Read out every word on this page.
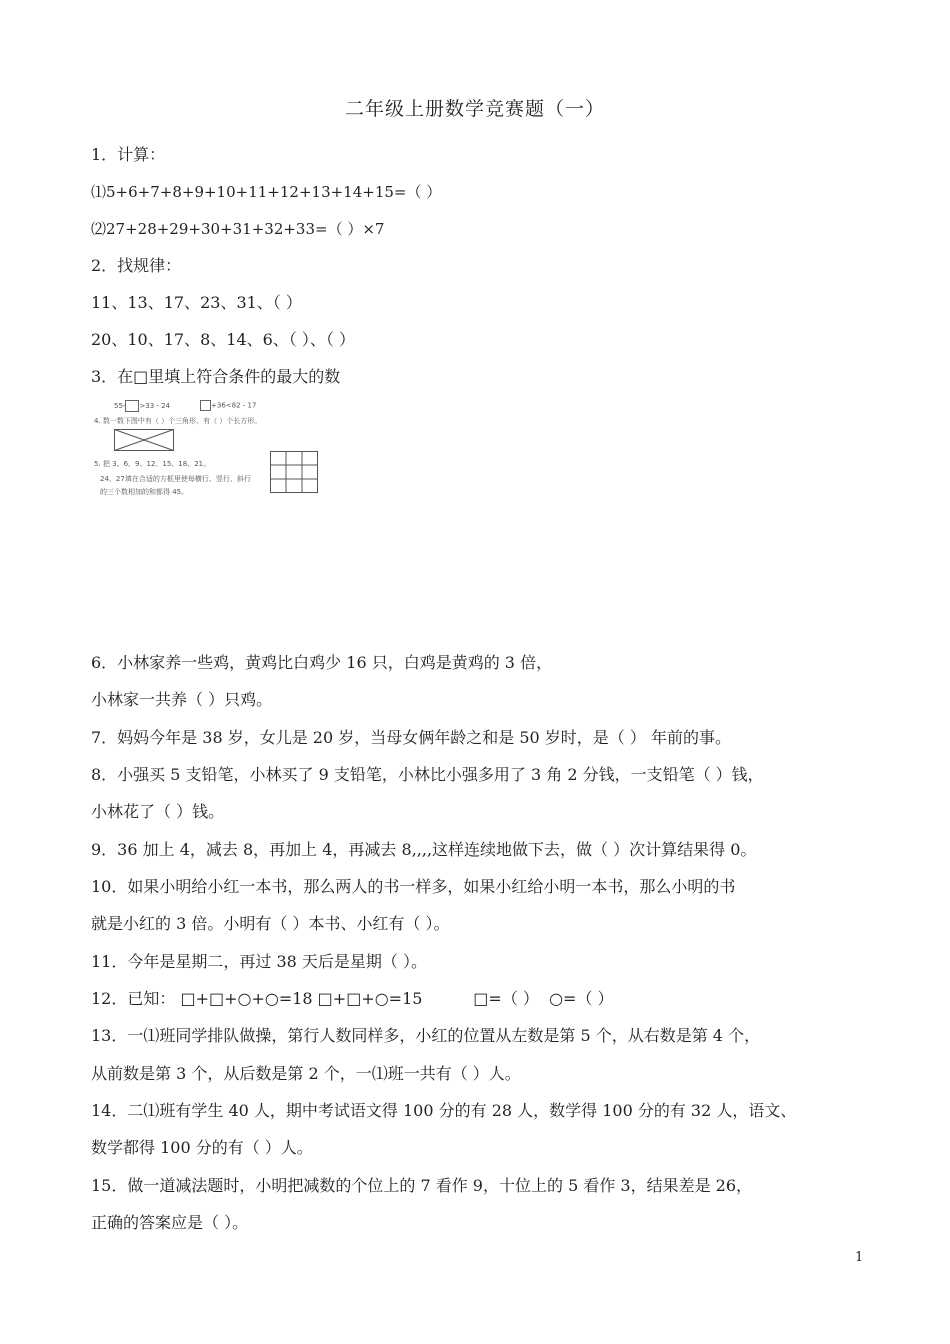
二年级上册数学竞赛题（一）
1．计算：
⑴5+6+7+8+9+10+11+12+13+14+15=（ ）
⑵27+28+29+30+31+32+33=（ ）×7
2．找规律：
11、13、17、23、31、（ ）
20、10、17、8、14、6、（ ）、（ ）
3．在□里填上符合条件的最大的数
55- >33 - 24	+36<82 - 17
4. 数一数下图中有（ ）个三角形，有（ ）个长方形。
5. 把 3、6、9、12、15、18、21。
24、27填在合适的方框里使每横行、竖行、斜行
的三个数相加的和都得 45。
6．小林家养一些鸡，黄鸡比白鸡少 16 只，白鸡是黄鸡的 3 倍，
小林家一共养（ ）只鸡。
7．妈妈今年是 38 岁，女儿是 20 岁，当母女俩年龄之和是 50 岁时，是（ ） 年前的事。
8．小强买 5 支铅笔，小林买了 9 支铅笔，小林比小强多用了 3 角 2 分钱，一支铅笔（ ）钱，
小林花了（ ）钱。
9．36 加上 4，减去 8，再加上 4，再减去 8,,,,这样连续地做下去，做（ ）次计算结果得 0。
10．如果小明给小红一本书，那么两人的书一样多，如果小红给小明一本书，那么小明的书
就是小红的 3 倍。小明有（ ）本书、小红有（ ）。
11．今年是星期二，再过 38 天后是星期（ ）。
12．已知： □+□+○+○=18 □+□+○=15          □=（ ）  ○=（ ）
13．一⑴班同学排队做操，第行人数同样多，小红的位置从左数是第 5 个，从右数是第 4 个，
从前数是第 3 个，从后数是第 2 个，一⑴班一共有（ ）人。
14．二⑴班有学生 40 人，期中考试语文得 100 分的有 28 人，数学得 100 分的有 32 人，语文、
数学都得 100 分的有（ ）人。
15．做一道减法题时，小明把减数的个位上的 7 看作 9，十位上的 5 看作 3，结果差是 26，
正确的答案应是（ ）。
1
